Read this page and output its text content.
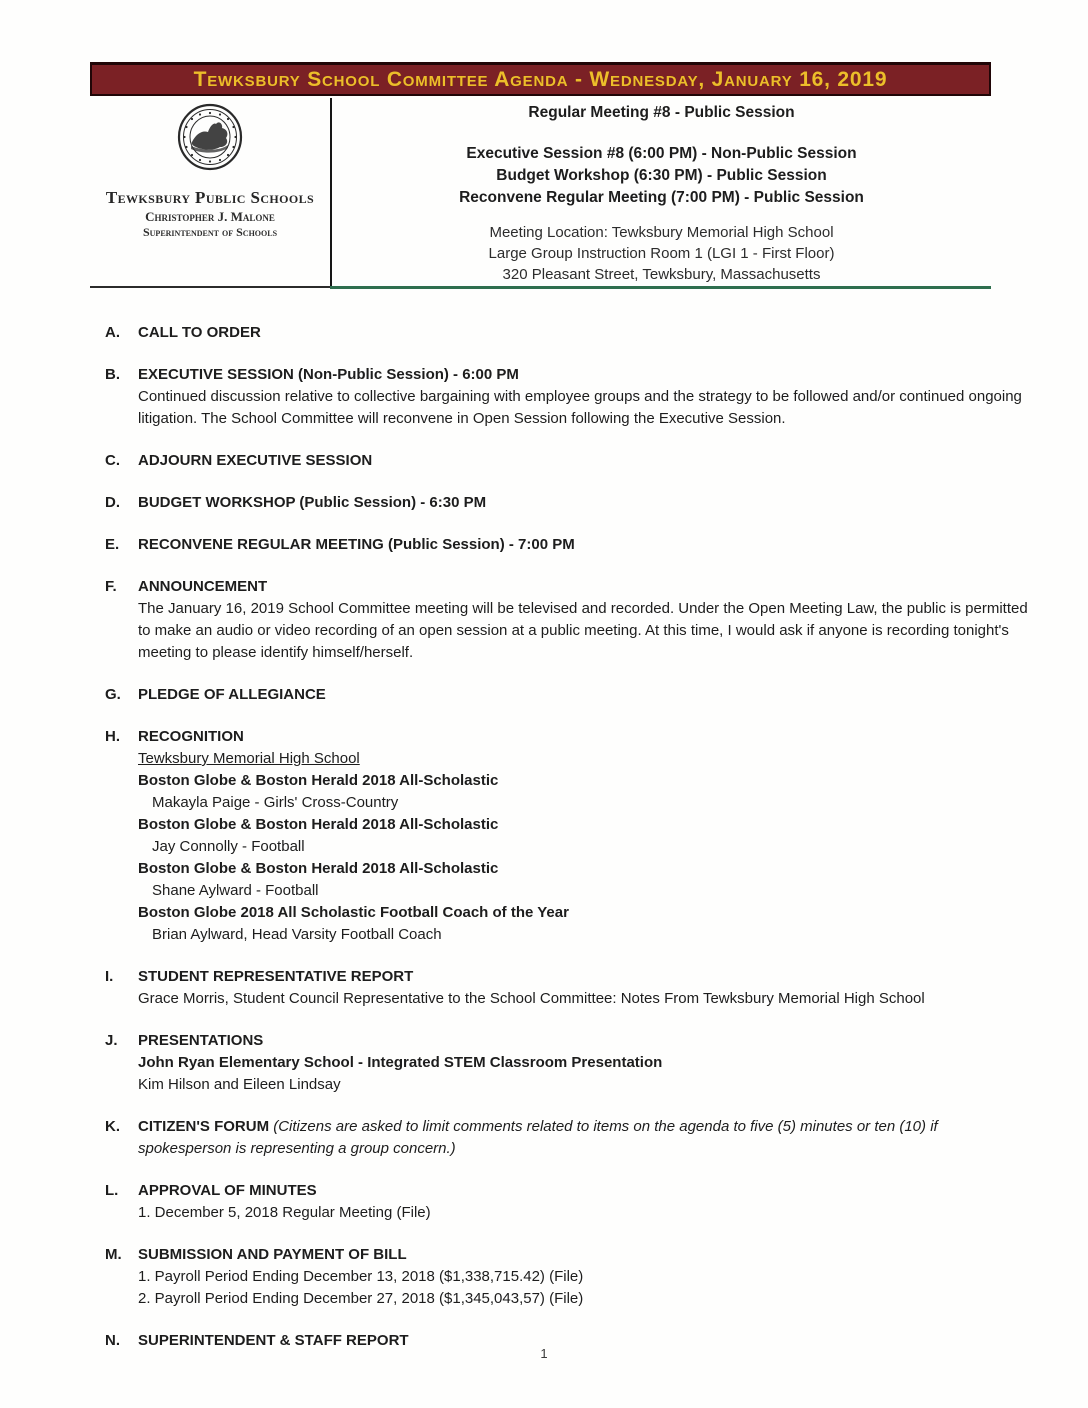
Tewksbury School Committee Agenda - Wednesday, January 16, 2019
Tewksbury Public Schools
Christopher J. Malone
Superintendent of Schools
Regular Meeting #8 - Public Session
Executive Session #8 (6:00 PM) - Non-Public Session
Budget Workshop (6:30 PM) - Public Session
Reconvene Regular Meeting (7:00 PM) - Public Session
Meeting Location: Tewksbury Memorial High School
Large Group Instruction Room 1 (LGI 1 - First Floor)
320 Pleasant Street, Tewksbury, Massachusetts
A.	CALL TO ORDER
B.	EXECUTIVE SESSION (Non-Public Session) - 6:00 PM
Continued discussion relative to collective bargaining with employee groups and the strategy to be followed and/or continued ongoing litigation. The School Committee will reconvene in Open Session following the Executive Session.
C.	ADJOURN EXECUTIVE SESSION
D.	BUDGET WORKSHOP (Public Session) - 6:30 PM
E.	RECONVENE REGULAR MEETING (Public Session) - 7:00 PM
F.	ANNOUNCEMENT
The January 16, 2019 School Committee meeting will be televised and recorded. Under the Open Meeting Law, the public is permitted to make an audio or video recording of an open session at a public meeting. At this time, I would ask if anyone is recording tonight's meeting to please identify himself/herself.
G.	PLEDGE OF ALLEGIANCE
H.	RECOGNITION
Tewksbury Memorial High School
Boston Globe & Boston Herald 2018 All-Scholastic
Makayla Paige - Girls' Cross-Country
Boston Globe & Boston Herald 2018 All-Scholastic
Jay Connolly - Football
Boston Globe & Boston Herald 2018 All-Scholastic
Shane Aylward - Football
Boston Globe 2018 All Scholastic Football Coach of the Year
Brian Aylward, Head Varsity Football Coach
I.	STUDENT REPRESENTATIVE REPORT
Grace Morris, Student Council Representative to the School Committee: Notes From Tewksbury Memorial High School
J.	PRESENTATIONS
John Ryan Elementary School - Integrated STEM Classroom Presentation
Kim Hilson and Eileen Lindsay
K.	CITIZEN'S FORUM (Citizens are asked to limit comments related to items on the agenda to five (5) minutes or ten (10) if spokesperson is representing a group concern.)
L.	APPROVAL OF MINUTES
1. December 5, 2018 Regular Meeting (File)
M.	SUBMISSION AND PAYMENT OF BILL
1. Payroll Period Ending December 13, 2018 ($1,338,715.42) (File)
2. Payroll Period Ending December 27, 2018 ($1,345,043,57) (File)
N.	SUPERINTENDENT & STAFF REPORT
1
